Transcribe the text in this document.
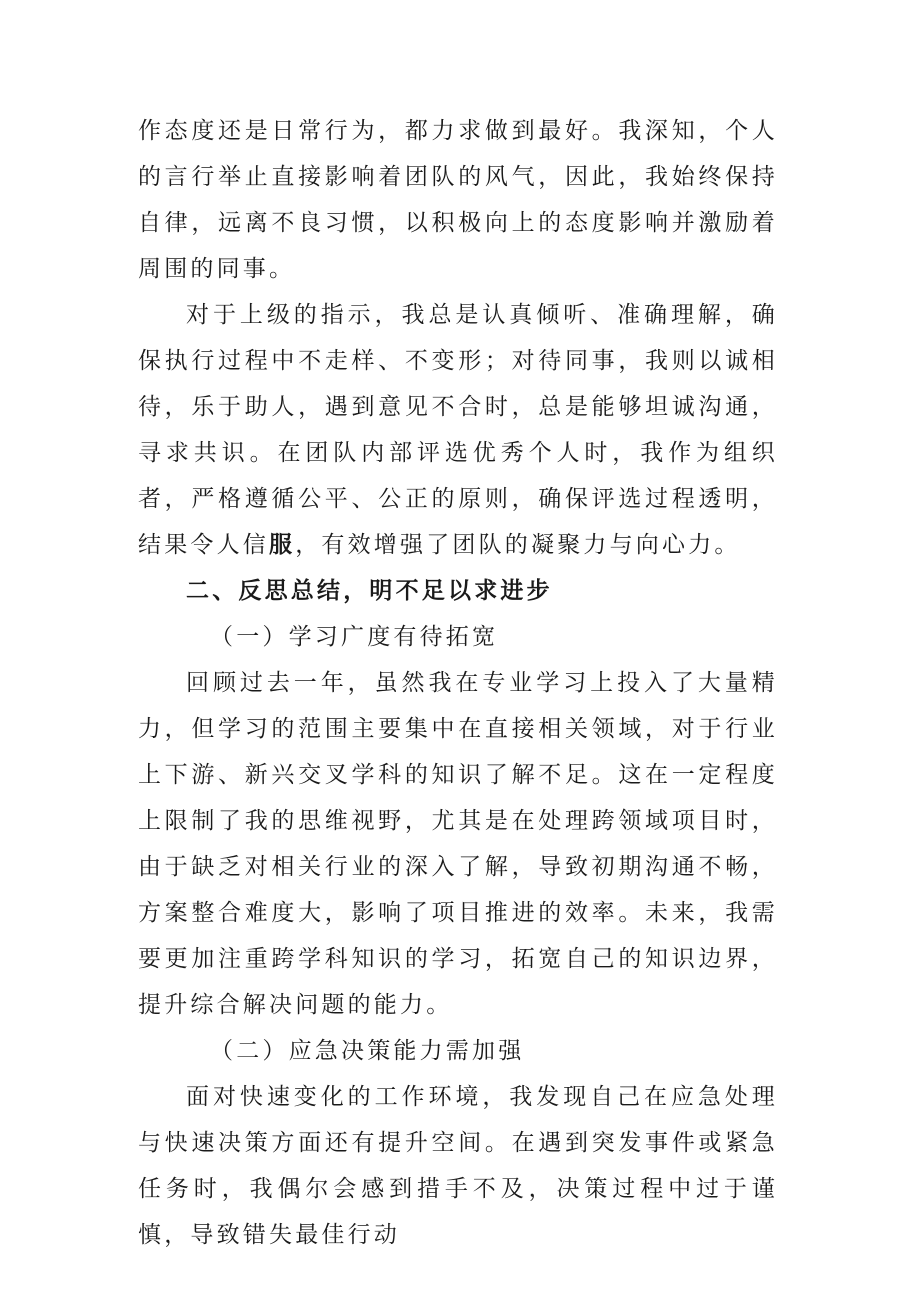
作态度还是日常行为，都力求做到最好。我深知，个人的言行举止直接影响着团队的风气，因此，我始终保持自律，远离不良习惯，以积极向上的态度影响并激励着周围的同事。

对于上级的指示，我总是认真倾听、准确理解，确保执行过程中不走样、不变形；对待同事，我则以诚相待，乐于助人，遇到意见不合时，总是能够坦诚沟通，寻求共识。在团队内部评选优秀个人时，我作为组织者，严格遵循公平、公正的原则，确保评选过程透明，结果令人信服，有效增强了团队的凝聚力与向心力。

二、反思总结，明不足以求进步

（一）学习广度有待拓宽

回顾过去一年，虽然我在专业学习上投入了大量精力，但学习的范围主要集中在直接相关领域，对于行业上下游、新兴交叉学科的知识了解不足。这在一定程度上限制了我的思维视野，尤其是在处理跨领域项目时，由于缺乏对相关行业的深入了解，导致初期沟通不畅，方案整合难度大，影响了项目推进的效率。未来，我需要更加注重跨学科知识的学习，拓宽自己的知识边界，提升综合解决问题的能力。

（二）应急决策能力需加强

面对快速变化的工作环境，我发现自己在应急处理与快速决策方面还有提升空间。在遇到突发事件或紧急任务时，我偶尔会感到措手不及，决策过程中过于谨慎，导致错失最佳行动
